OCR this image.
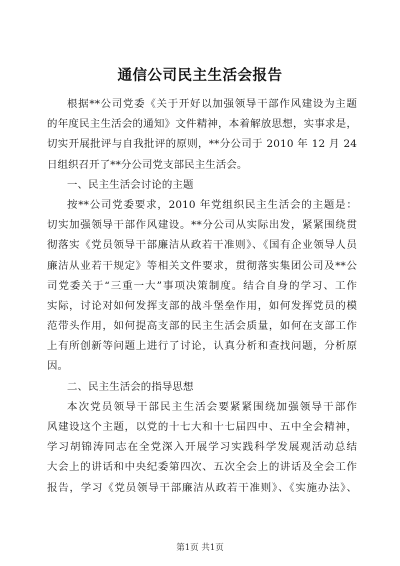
通信公司民主生活会报告
根据**公司党委《关于开好以加强领导干部作风建设为主题
的年度民主生活会的通知》文件精神，本着解放思想，实事求是，
切实开展批评与自我批评的原则，**分公司于 2010 年 12 月 24
日组织召开了**分公司党支部民主生活会。
一、民主生活会讨论的主题
按**公司党委要求，2010 年党组织民主生活会的主题是：
切实加强领导干部作风建设。**分公司从实际出发，紧紧围绕贯
彻落实《党员领导干部廉洁从政若干准则》、《国有企业领导人员
廉洁从业若干规定》等相关文件要求，贯彻落实集团公司及**公
司党委关于“三重一大”事项决策制度。结合自身的学习、工作
实际，讨论对如何发挥支部的战斗堡垒作用，如何发挥党员的模
范带头作用，如何提高支部的民主生活会质量，如何在支部工作
上有所创新等问题上进行了讨论，认真分析和查找问题，分析原
因。
二、民主生活会的指导思想
本次党员领导干部民主生活会要紧紧围绕加强领导干部作
风建设这个主题，以党的十七大和十七届四中、五中全会精神，
学习胡锦涛同志在全党深入开展学习实践科学发展观活动总结
大会上的讲话和中央纪委第四次、五次全会上的讲话及全会工作
报告，学习《党员领导干部廉洁从政若干准则》、《实施办法》、
第1页 共1页
